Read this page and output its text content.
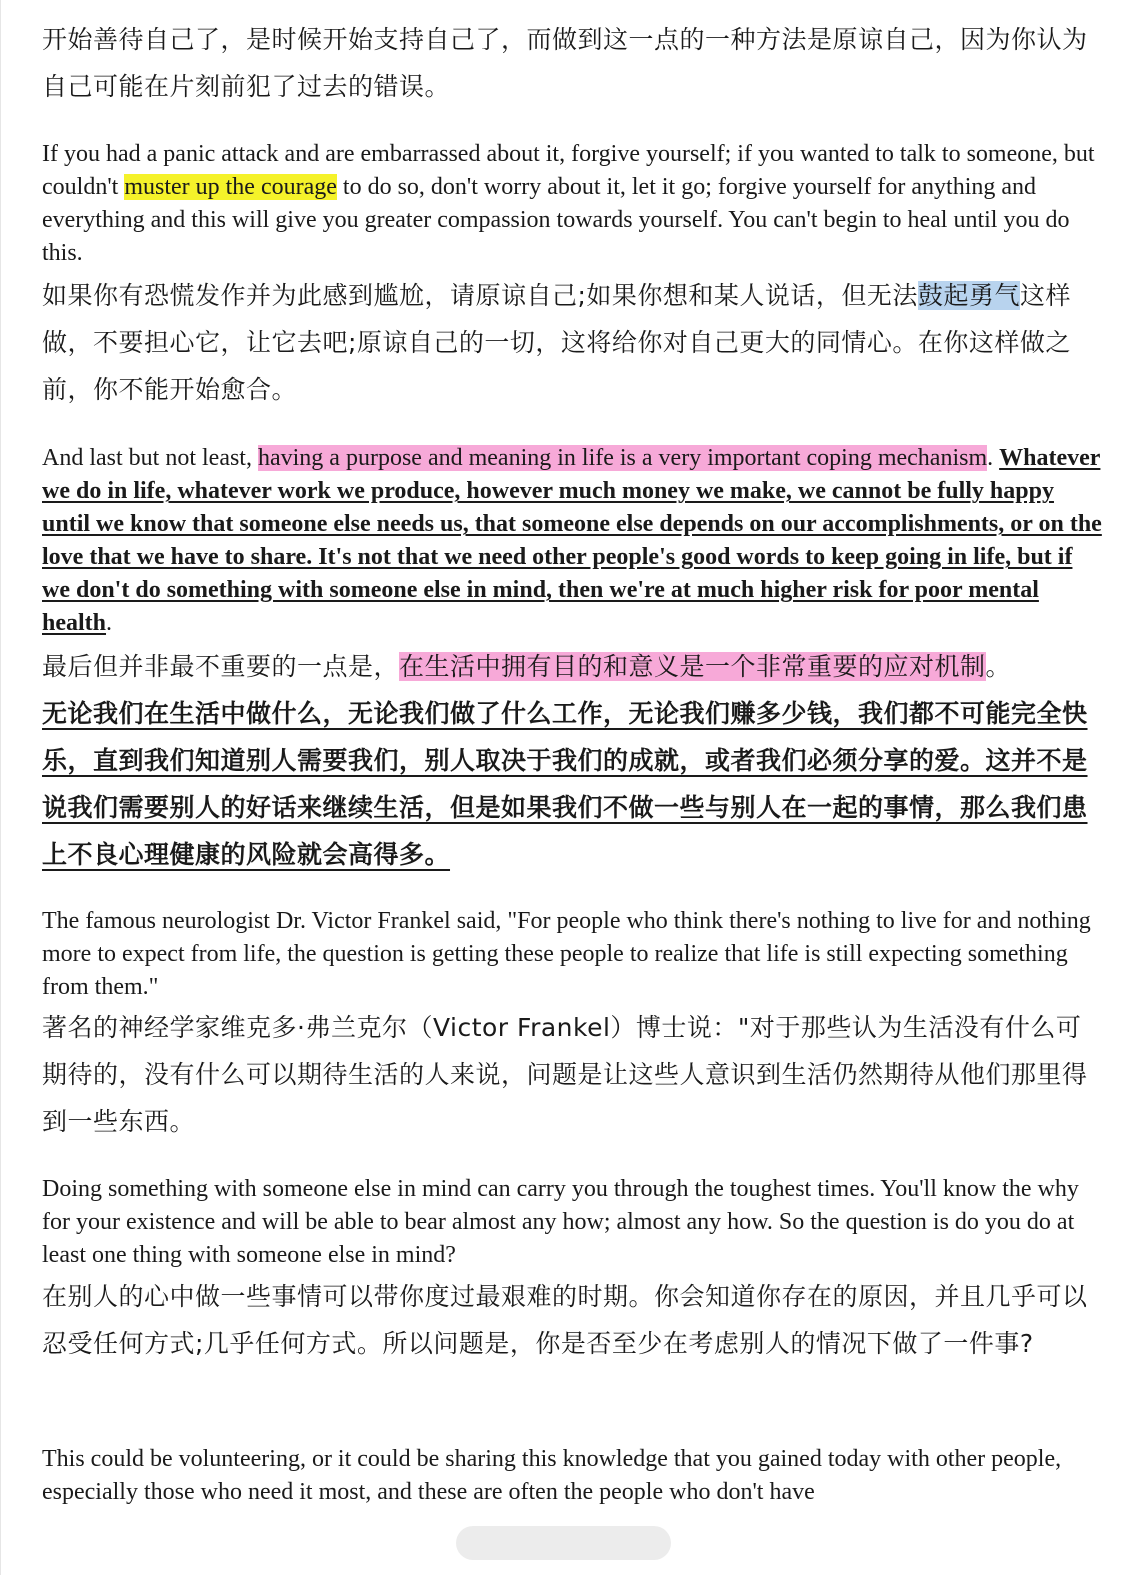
开始善待自己了，是时候开始支持自己了，而做到这一点的一种方法是原谅自己，因为你认为自己可能在片刻前犯了过去的错误。

If you had a panic attack and are embarrassed about it, forgive yourself; if you wanted to talk to someone, but couldn't muster up the courage to do so, don't worry about it, let it go; forgive yourself for anything and everything and this will give you greater compassion towards yourself. You can't begin to heal until you do this.

如果你有恐慌发作并为此感到尴尬，请原谅自己;如果你想和某人说话，但无法鼓起勇气这样做，不要担心它，让它去吧;原谅自己的一切，这将给你对自己更大的同情心。在你这样做之前，你不能开始愈合。

And last but not least, having a purpose and meaning in life is a very important coping mechanism. Whatever we do in life, whatever work we produce, however much money we make, we cannot be fully happy until we know that someone else needs us, that someone else depends on our accomplishments, or on the love that we have to share. It's not that we need other people's good words to keep going in life, but if we don't do something with someone else in mind, then we're at much higher risk for poor mental health.

最后但并非最不重要的一点是，在生活中拥有目的和意义是一个非常重要的应对机制。
无论我们在生活中做什么，无论我们做了什么工作，无论我们赚多少钱，我们都不可能完全快乐，直到我们知道别人需要我们，别人取决于我们的成就，或者我们必须分享的爱。这并不是说我们需要别人的好话来继续生活，但是如果我们不做一些与别人在一起的事情，那么我们患上不良心理健康的风险就会高得多。

The famous neurologist Dr. Victor Frankel said, "For people who think there's nothing to live for and nothing more to expect from life, the question is getting these people to realize that life is still expecting something from them."

著名的神经学家维克多·弗兰克尔（Victor Frankel）博士说："对于那些认为生活没有什么可期待的，没有什么可以期待生活的人来说，问题是让这些人意识到生活仍然期待从他们那里得到一些东西。

Doing something with someone else in mind can carry you through the toughest times. You'll know the why for your existence and will be able to bear almost any how; almost any how. So the question is do you do at least one thing with someone else in mind?

在别人的心中做一些事情可以带你度过最艰难的时期。你会知道你存在的原因，并且几乎可以忍受任何方式;几乎任何方式。所以问题是，你是否至少在考虑别人的情况下做了一件事?

This could be volunteering, or it could be sharing this knowledge that you gained today with other people, especially those who need it most, and these are often the people who don't have
